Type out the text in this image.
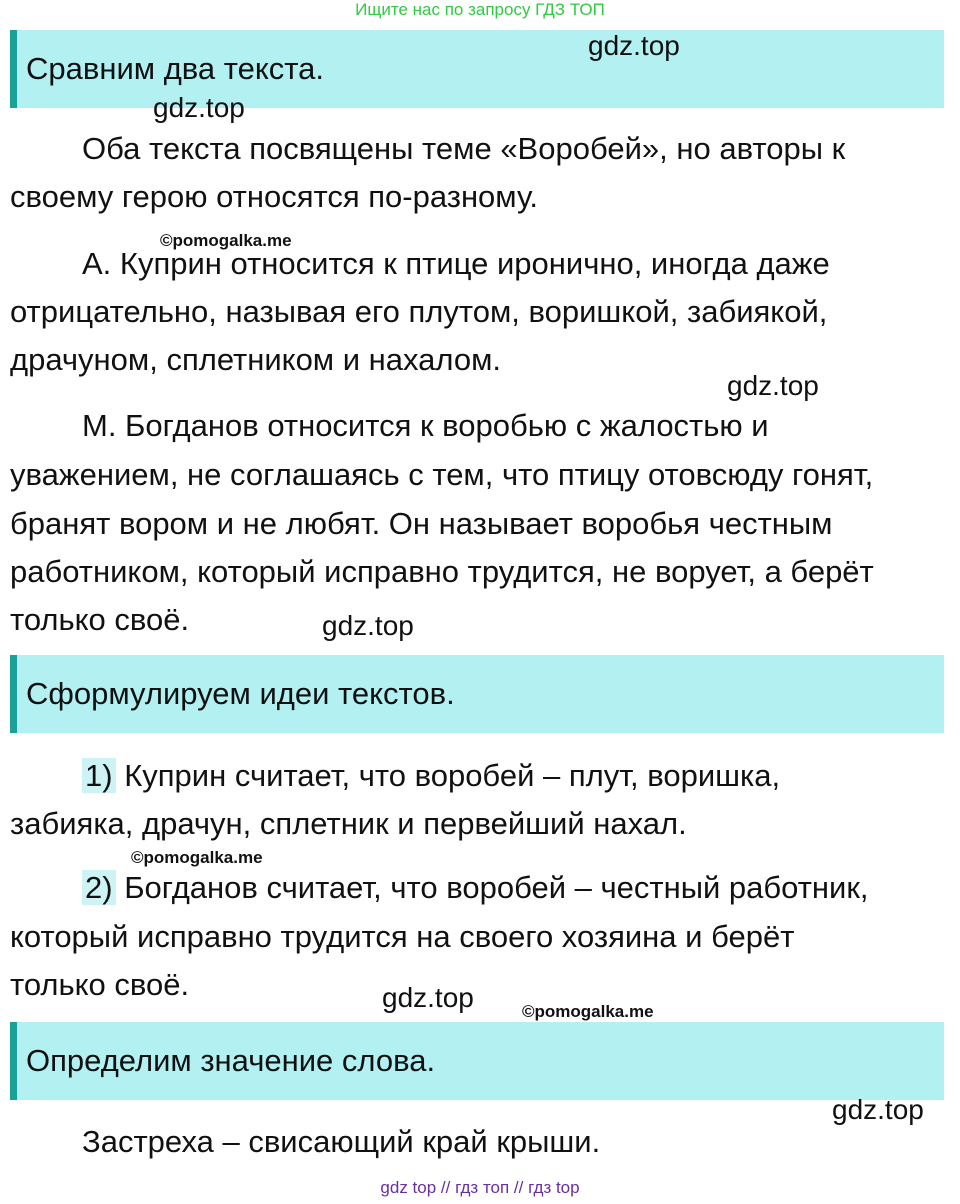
Ищите нас по запросу ГДЗ ТОП
Сравним два текста.
gdz.top
gdz.top
Оба текста посвящены теме «Воробей», но авторы к
своему герою относятся по-разному.
©pomogalka.me
А. Куприн относится к птице иронично, иногда даже
отрицательно, называя его плутом, воришкой, забиякой,
драчуном, сплетником и нахалом.
gdz.top
М. Богданов относится к воробью с жалостью и
уважением, не соглашаясь с тем, что птицу отовсюду гонят,
бранят вором и не любят. Он называет воробья честным
работником, который исправно трудится, не ворует, а берёт
только своё.	gdz.top
Сформулируем идеи текстов.
1) Куприн считает, что воробей – плут, воришка,
забияка, драчун, сплетник и первейший нахал.
©pomogalka.me
2) Богданов считает, что воробей – честный работник,
который исправно трудится на своего хозяина и берёт
только своё.	gdz.top	©pomogalka.me
Определим значение слова.
gdz.top
Застреха – свисающий край крыши.
gdz top // гдз топ // гдз top
